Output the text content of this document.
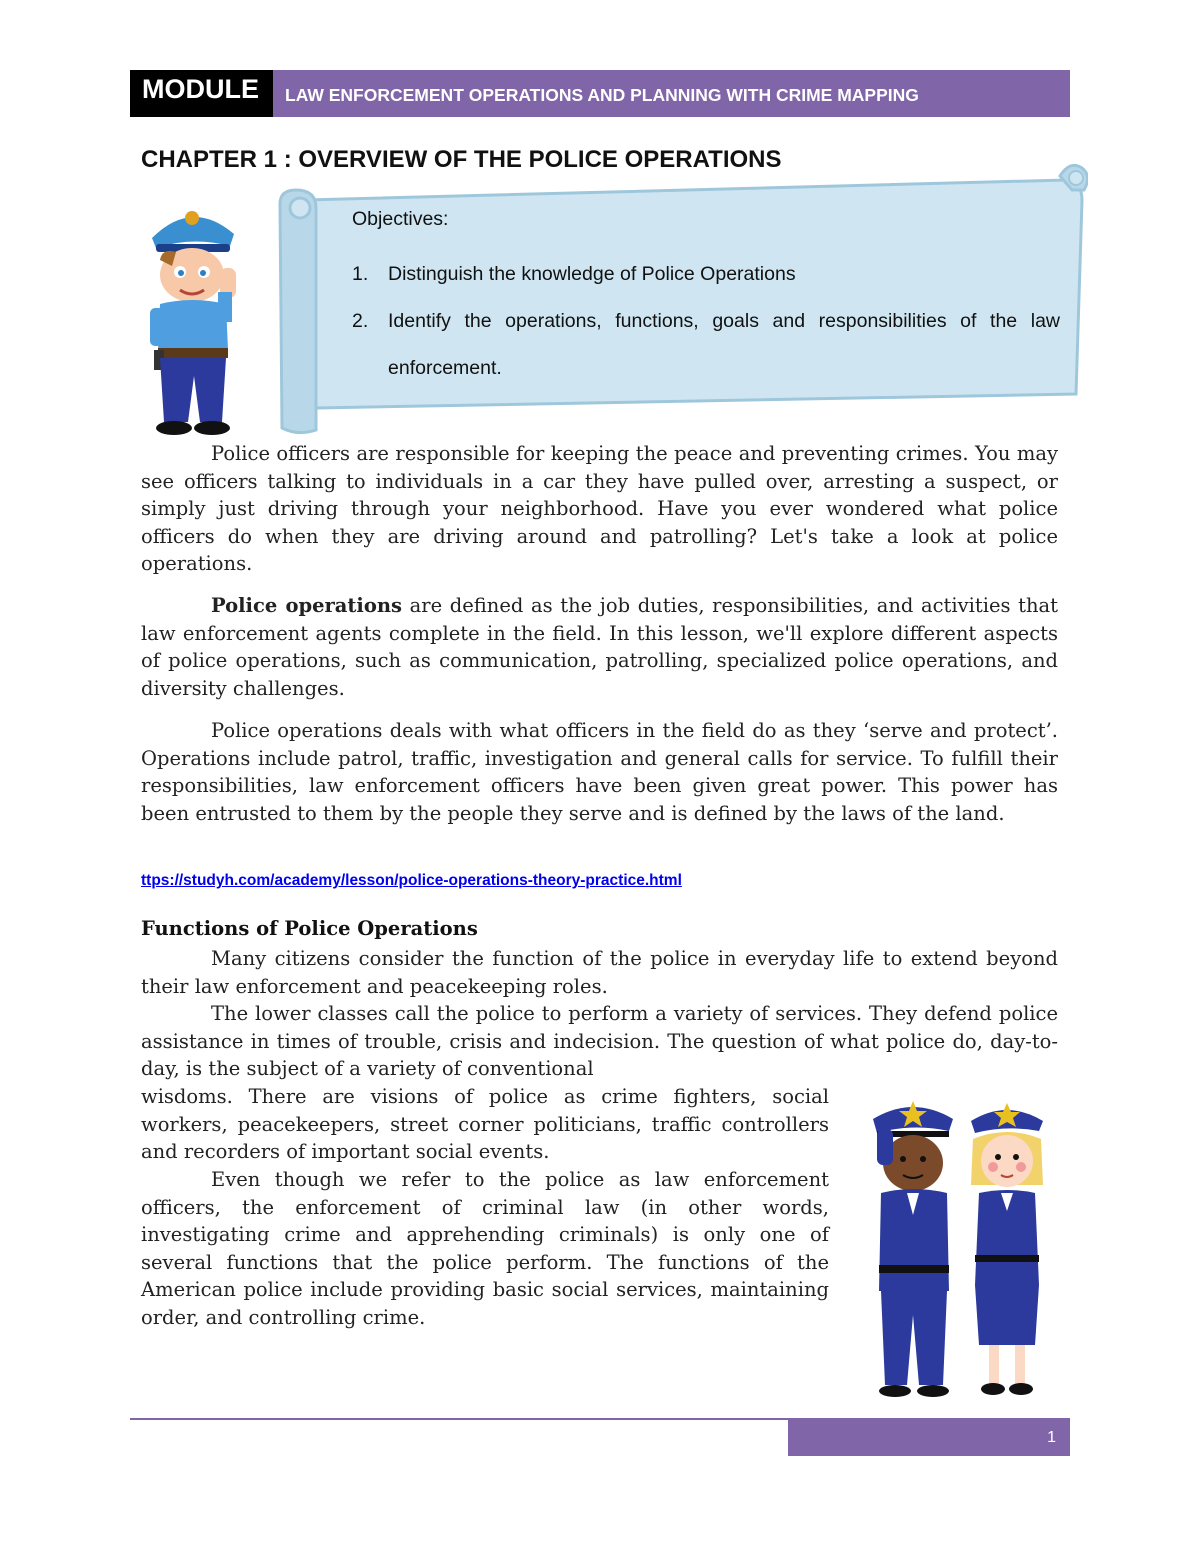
MODULE	LAW ENFORCEMENT OPERATIONS AND PLANNING WITH CRIME MAPPING
CHAPTER 1 : OVERVIEW OF THE POLICE OPERATIONS

Objectives:

1. Distinguish the knowledge of Police Operations
2. Identify the operations, functions, goals and responsibilities of the law enforcement.

Police officers are responsible for keeping the peace and preventing crimes. You may see officers talking to individuals in a car they have pulled over, arresting a suspect, or simply just driving through your neighborhood. Have you ever wondered what police officers do when they are driving around and patrolling? Let's take a look at police operations.

Police operations are defined as the job duties, responsibilities, and activities that law enforcement agents complete in the field. In this lesson, we'll explore different aspects of police operations, such as communication, patrolling, specialized police operations, and diversity challenges.

Police operations deals with what officers in the field do as they ‘serve and protect’. Operations include patrol, traffic, investigation and general calls for service. To fulfill their responsibilities, law enforcement officers have been given great power. This power has been entrusted to them by the people they serve and is defined by the laws of the land.

ttps://studyh.com/academy/lesson/police-operations-theory-practice.html
Functions of Police Operations

Many citizens consider the function of the police in everyday life to extend beyond their law enforcement and peacekeeping roles.

The lower classes call the police to perform a variety of services. They defend police assistance in times of trouble, crisis and indecision. The question of what police do, day-to-day, is the subject of a variety of conventional

wisdoms. There are visions of police as crime fighters, social workers, peacekeepers, street corner politicians, traffic controllers and recorders of important social events.

Even though we refer to the police as law enforcement officers, the enforcement of criminal law (in other words, investigating crime and apprehending criminals) is only one of several functions that the police perform. The functions of the American police include providing basic social services, maintaining order, and controlling crime.

1
